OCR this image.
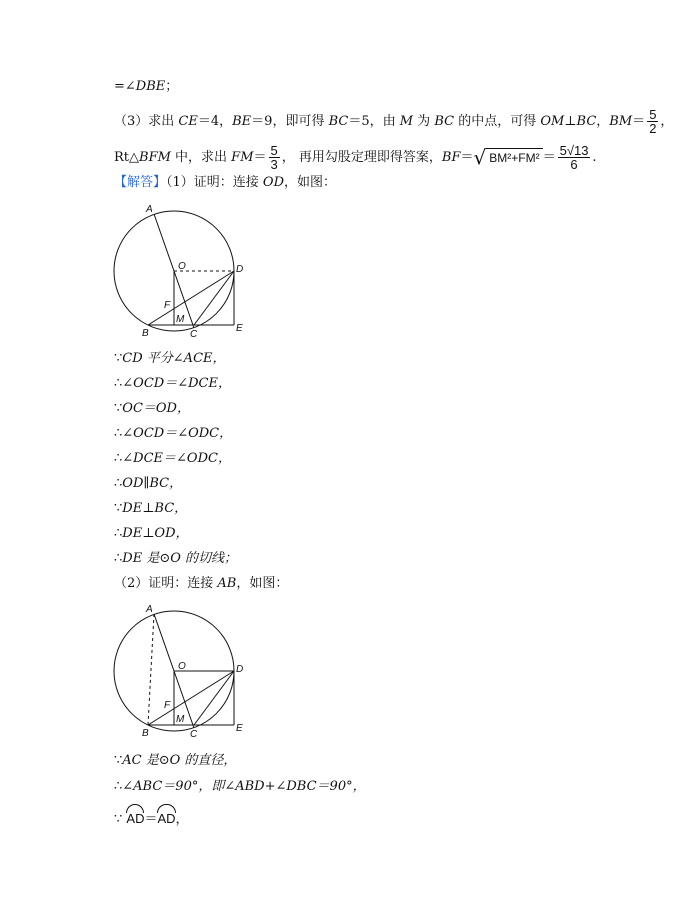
=∠DBE；
（3）求出 CE＝4，BE＝9，即可得 BC＝5，由 M 为 BC 的中点，可得 OM⊥BC，$BM= \frac{5}{2}$ ，
Rt△BFM 中，求出 $FM= \frac{5}{3}$ ， 再用勾股定理即得答案，BF＝√ $BM^2+FM^2 = \frac{5√13}{6}$ .
【解答】（1）证明：连接 OD，如图：
A
O	D
F
B
M
C
E
∵CD 平分∠ACE，
∴∠OCD＝∠DCE，
∵OC＝OD，
∴∠OCD＝∠ODC，
∴∠DCE＝∠ODC，
∴OD∥BC，
∵DE⊥BC，
∴DE⊥OD，
∴DE 是⊙O 的切线；
（2）证明：连接 AB，如图：
A
O	D
F
B
M
C
E
∵AC 是⊙O 的直径，
∴∠ABC＝90°，即∠ABD+∠DBC＝90°，
∵ AD＝AD，
